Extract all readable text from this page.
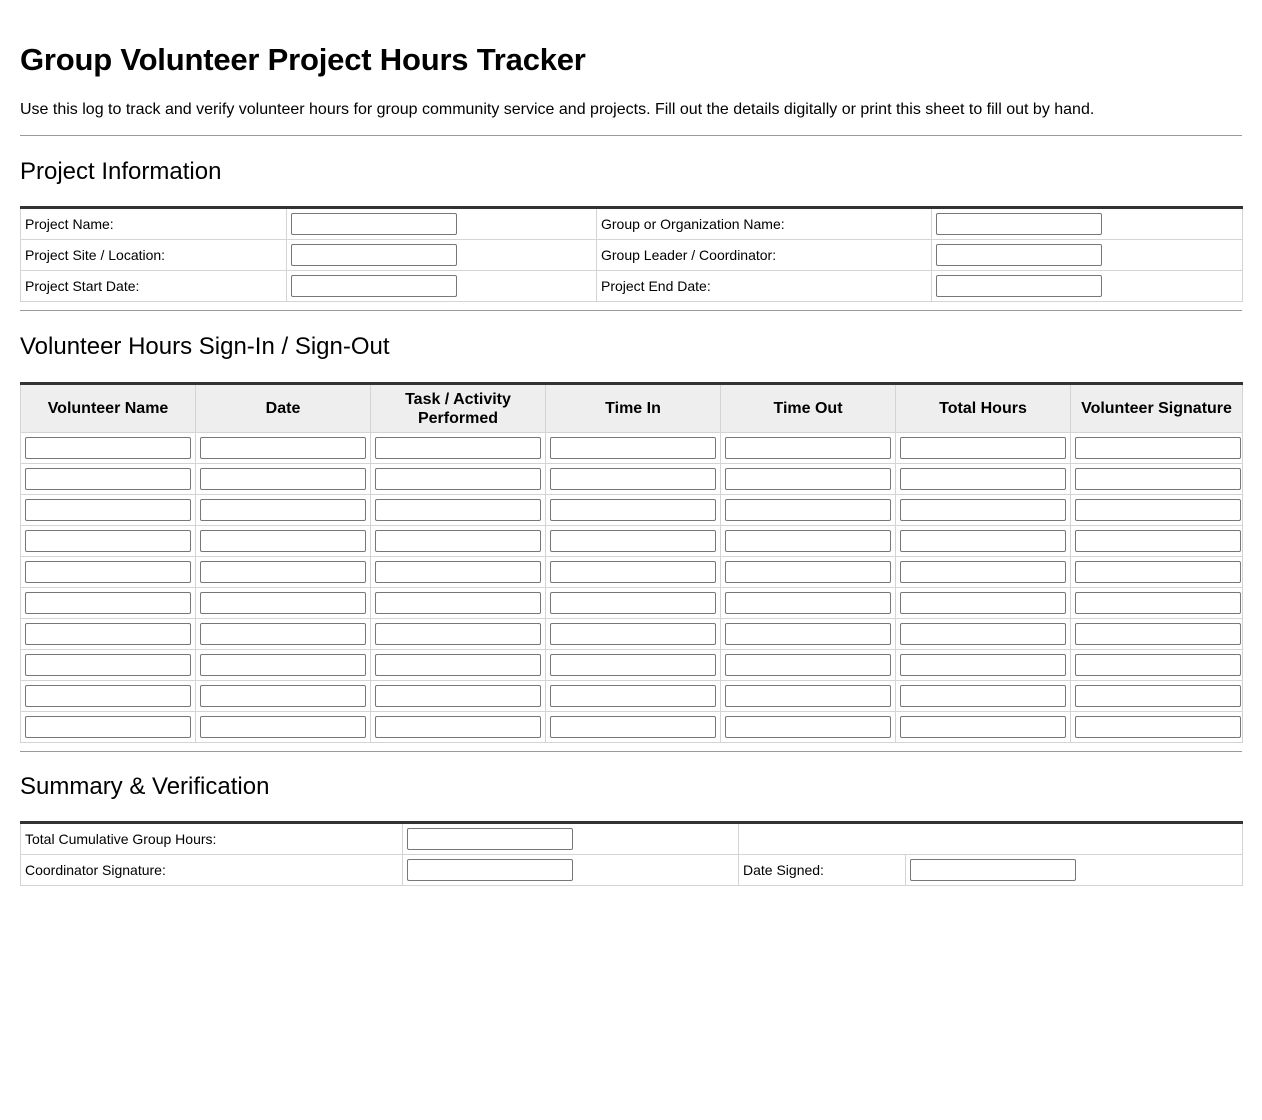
Group Volunteer Project Hours Tracker

Use this log to track and verify volunteer hours for group community service and projects. Fill out the details digitally or print this sheet to fill out by hand.

Project Information
Project Name:		Group or Organization Name:	

Project Site / Location:		Group Leader / Coordinator:	

Project Start Date:		Project End Date:	
Volunteer Hours Sign-In / Sign-Out
Volunteer Name	Date	Task / Activity Performed	Time In	Time Out	Total Hours	Volunteer Signature

Summary & Verification
Total Cumulative Group Hours:	

Coordinator Signature:		Date Signed:	
